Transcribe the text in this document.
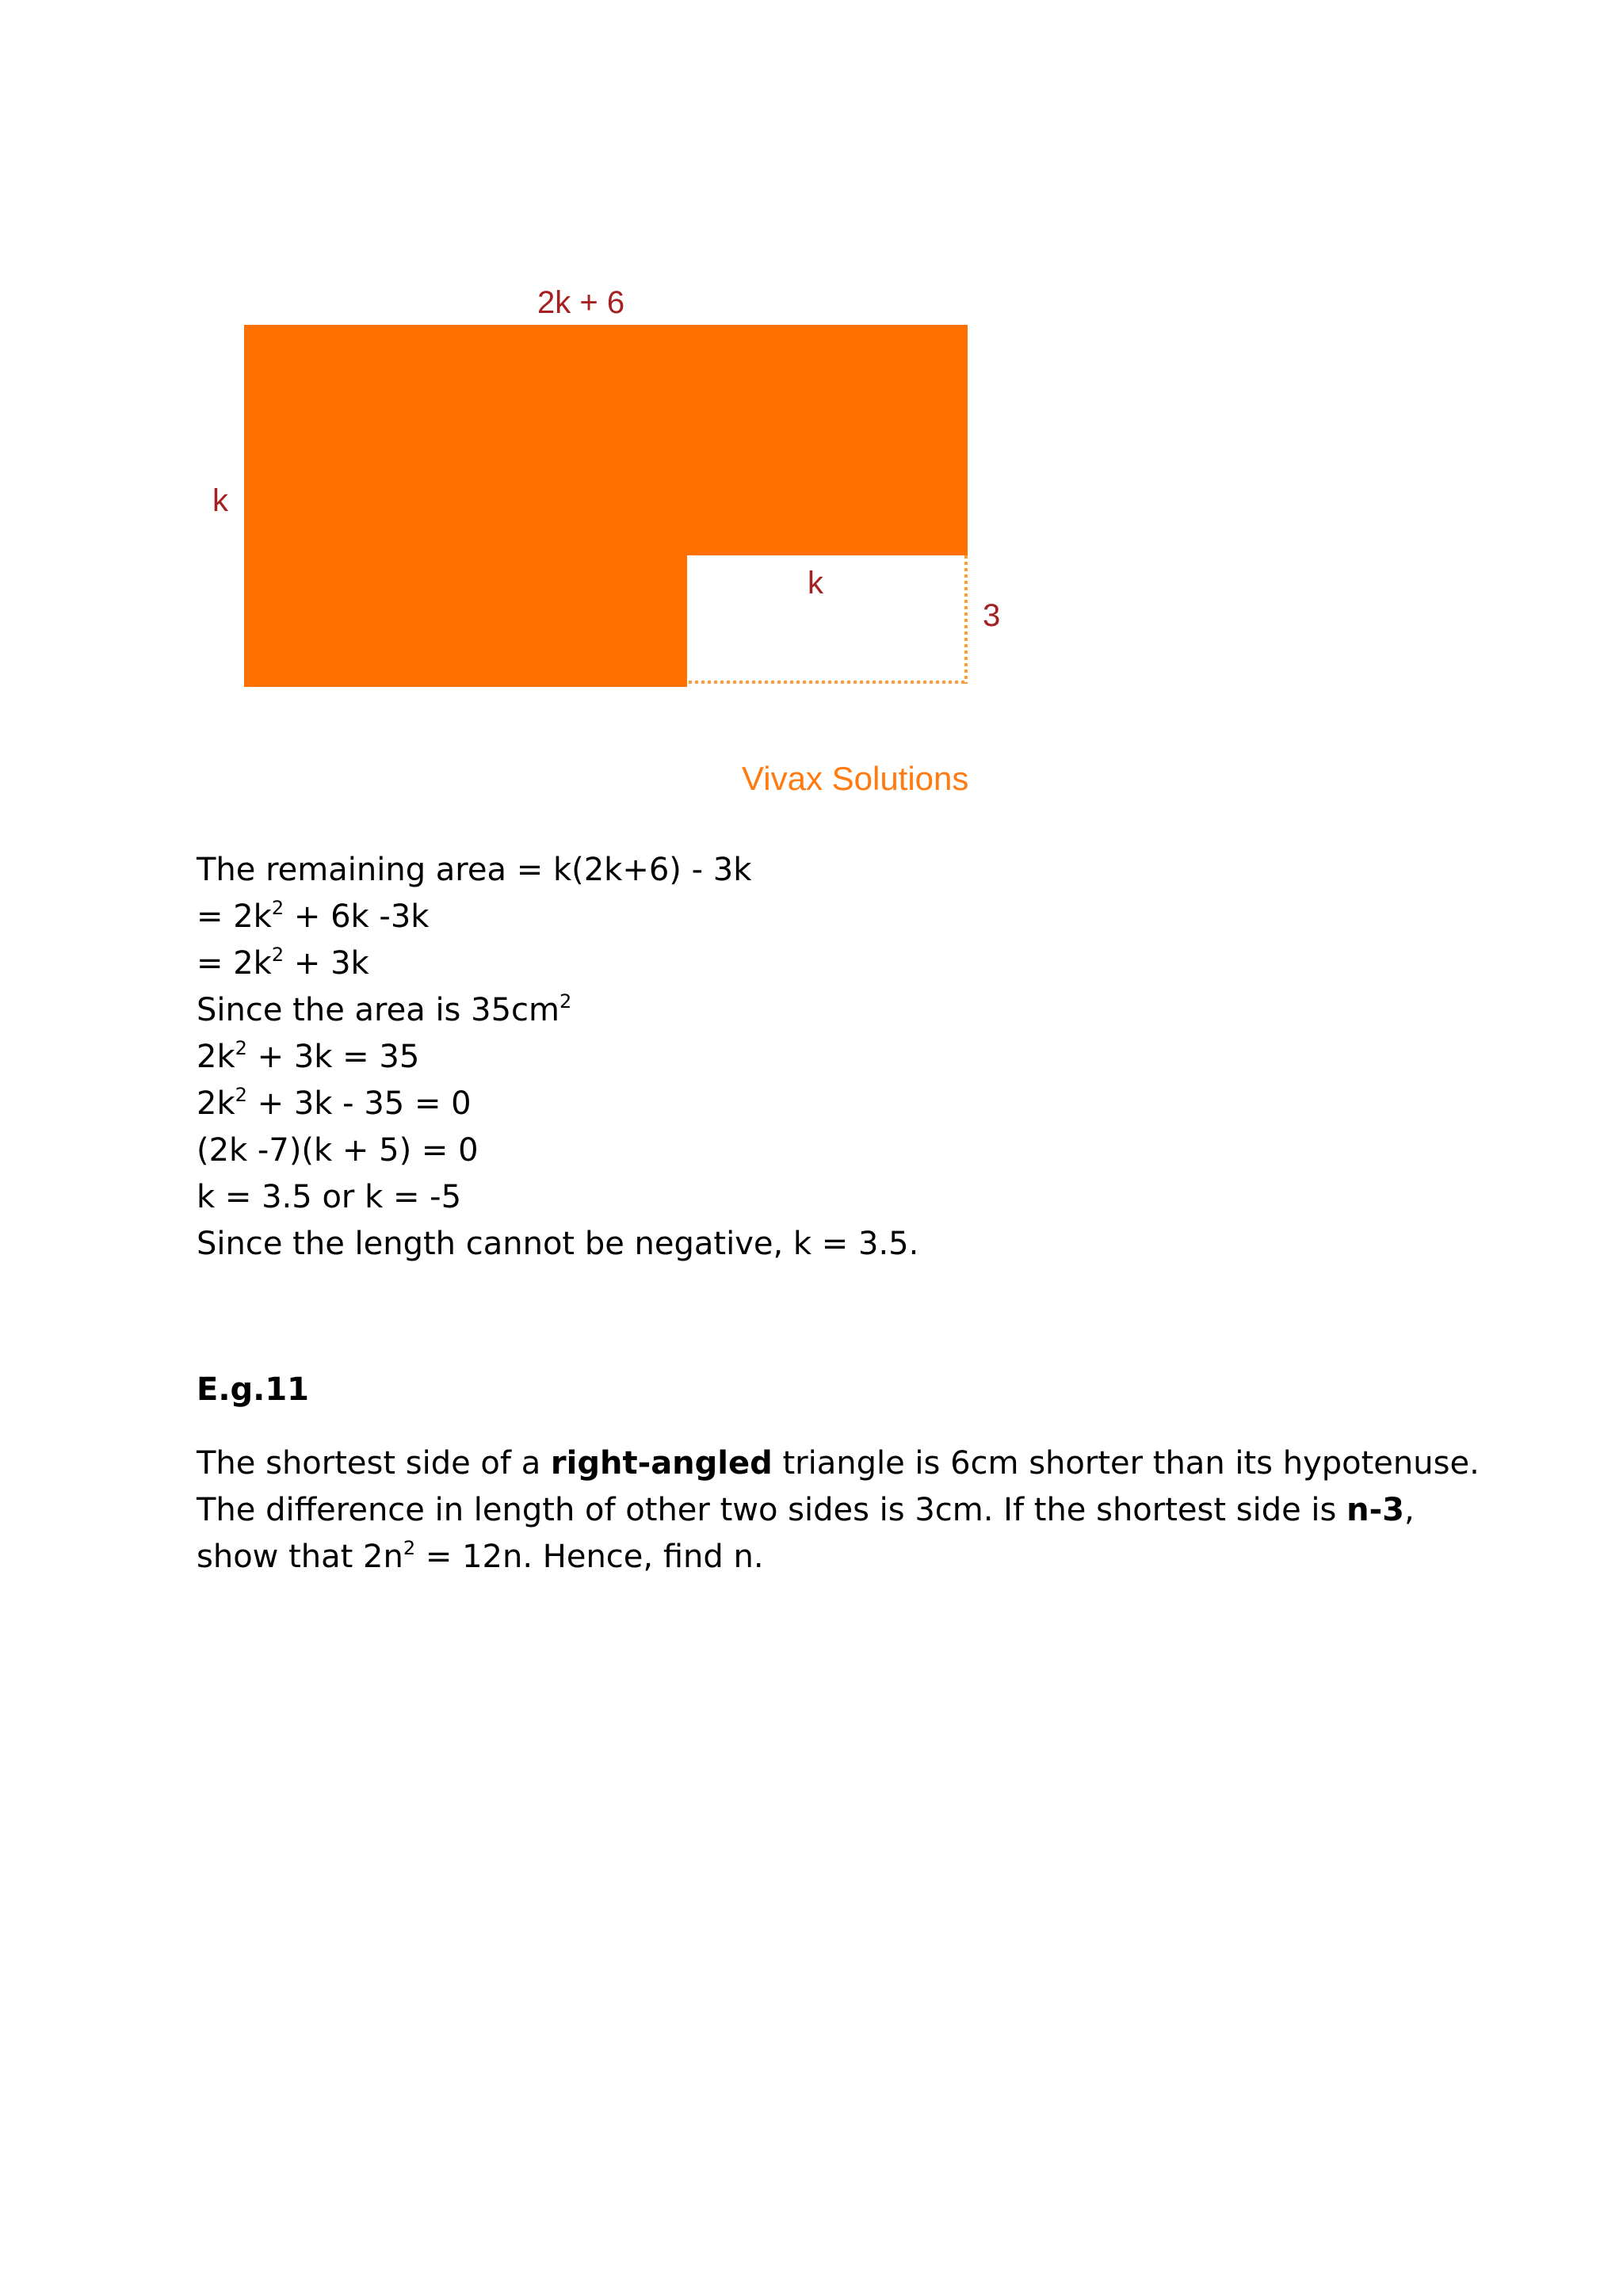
2k + 6
k
k
3
Vivax Solutions
The remaining area = k(2k+6) - 3k
= $2k^2 + 6k$ -3k
= $2k^2 + 3k$
Since the area is $35cm^2$
$2k^2 + 3k = 35$
$2k^2 + 3k - 35 = 0$
(2k -7)(k + 5) = 0
k = 3.5 or k = -5
Since the length cannot be negative, k = 3.5.
E.g.11
The shortest side of a right-angled triangle is 6cm shorter than its hypotenuse.
The difference in length of other two sides is 3cm. If the shortest side is n-3,
show that $2n^2 = 12n$. Hence, find n.
